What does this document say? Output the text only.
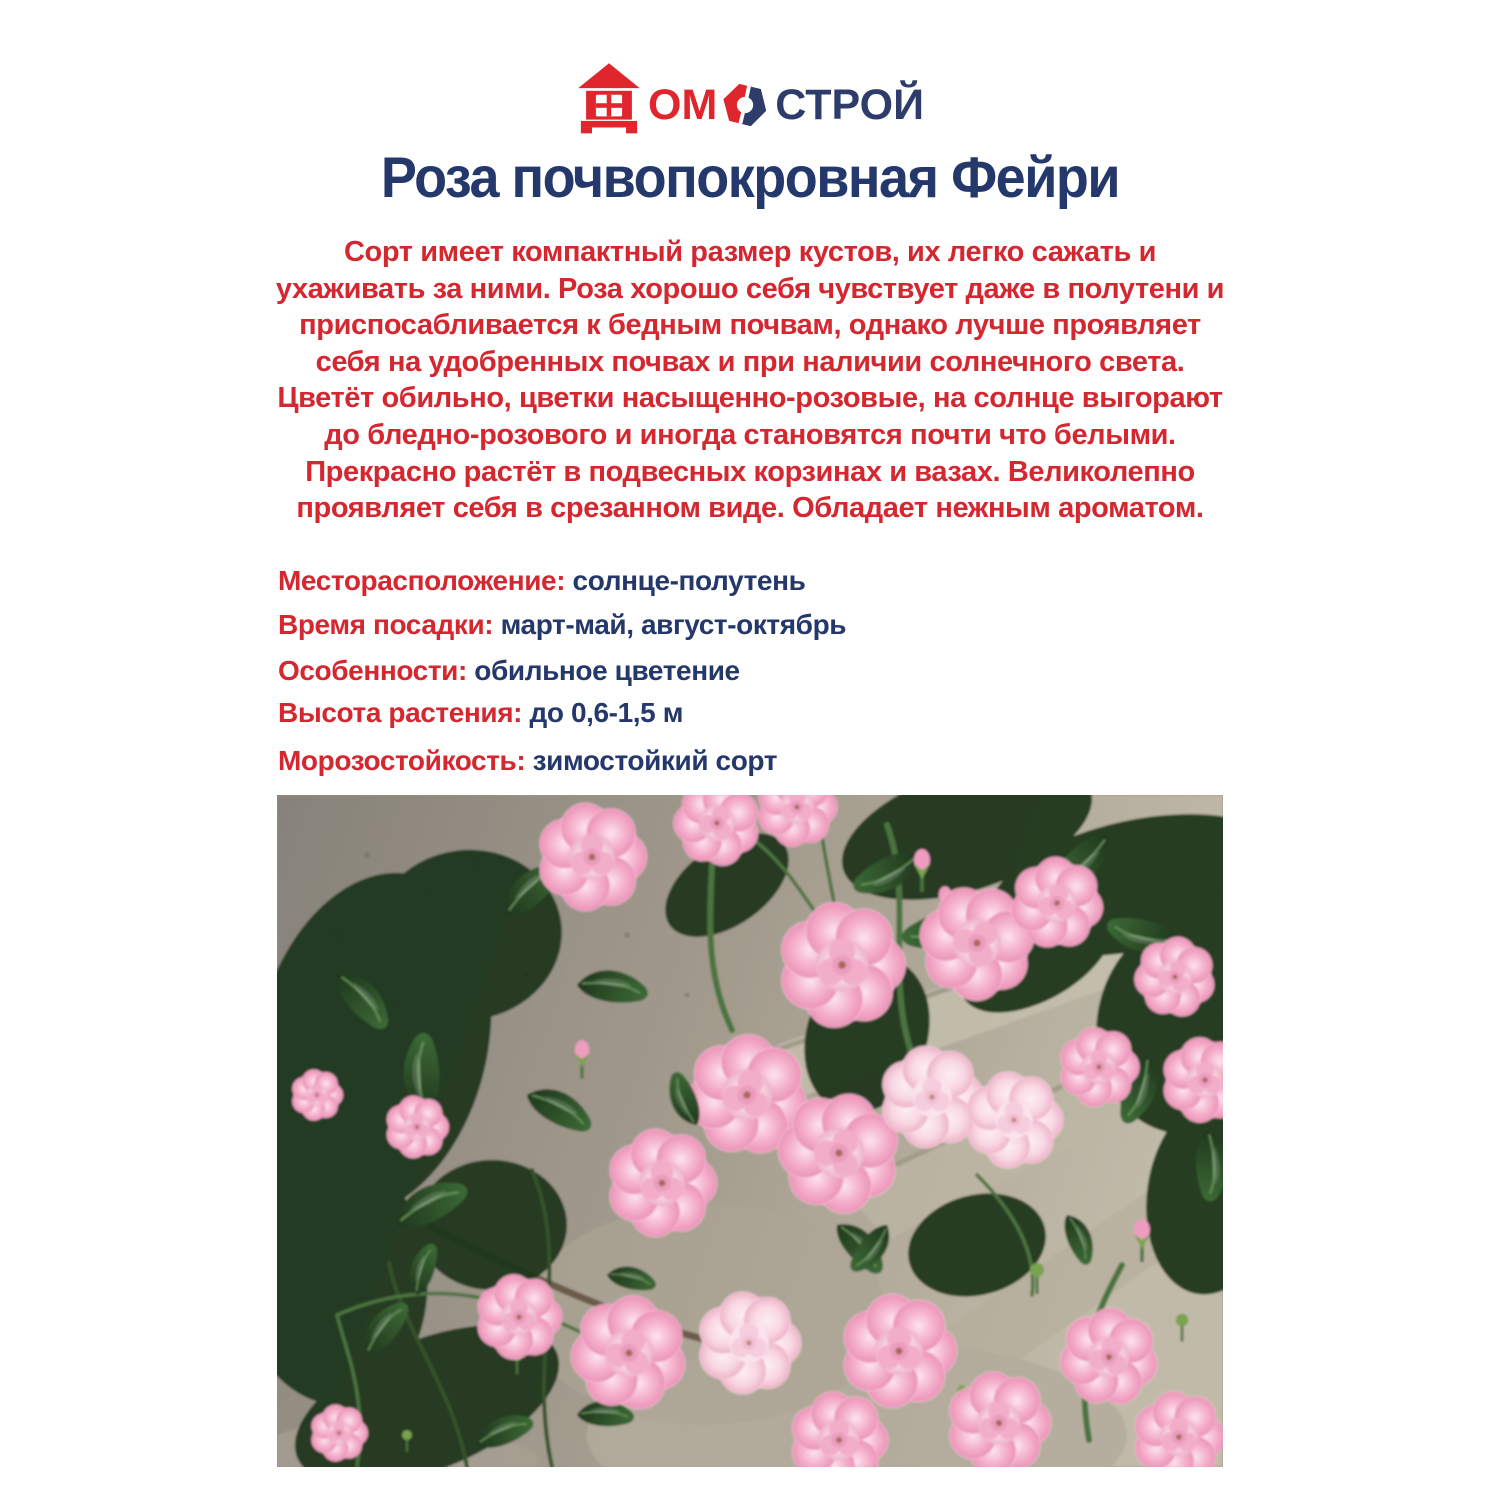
ОМ СТРОЙ
Роза почвопокровная Фейри
Сорт имеет компактный размер кустов, их легко сажать и
ухаживать за ними. Роза хорошо себя чувствует даже в полутени и
приспосабливается к бедным почвам, однако лучше проявляет
себя на удобренных почвах и при наличии солнечного света.
Цветёт обильно, цветки насыщенно-розовые, на солнце выгорают
до бледно-розового и иногда становятся почти что белыми.
Прекрасно растёт в подвесных корзинах и вазах. Великолепно
проявляет себя в срезанном виде. Обладает нежным ароматом.
Месторасположение: солнце-полутень
Время посадки: март-май, август-октябрь
Особенности: обильное цветение
Высота растения: до 0,6-1,5 м
Морозостойкость: зимостойкий сорт
